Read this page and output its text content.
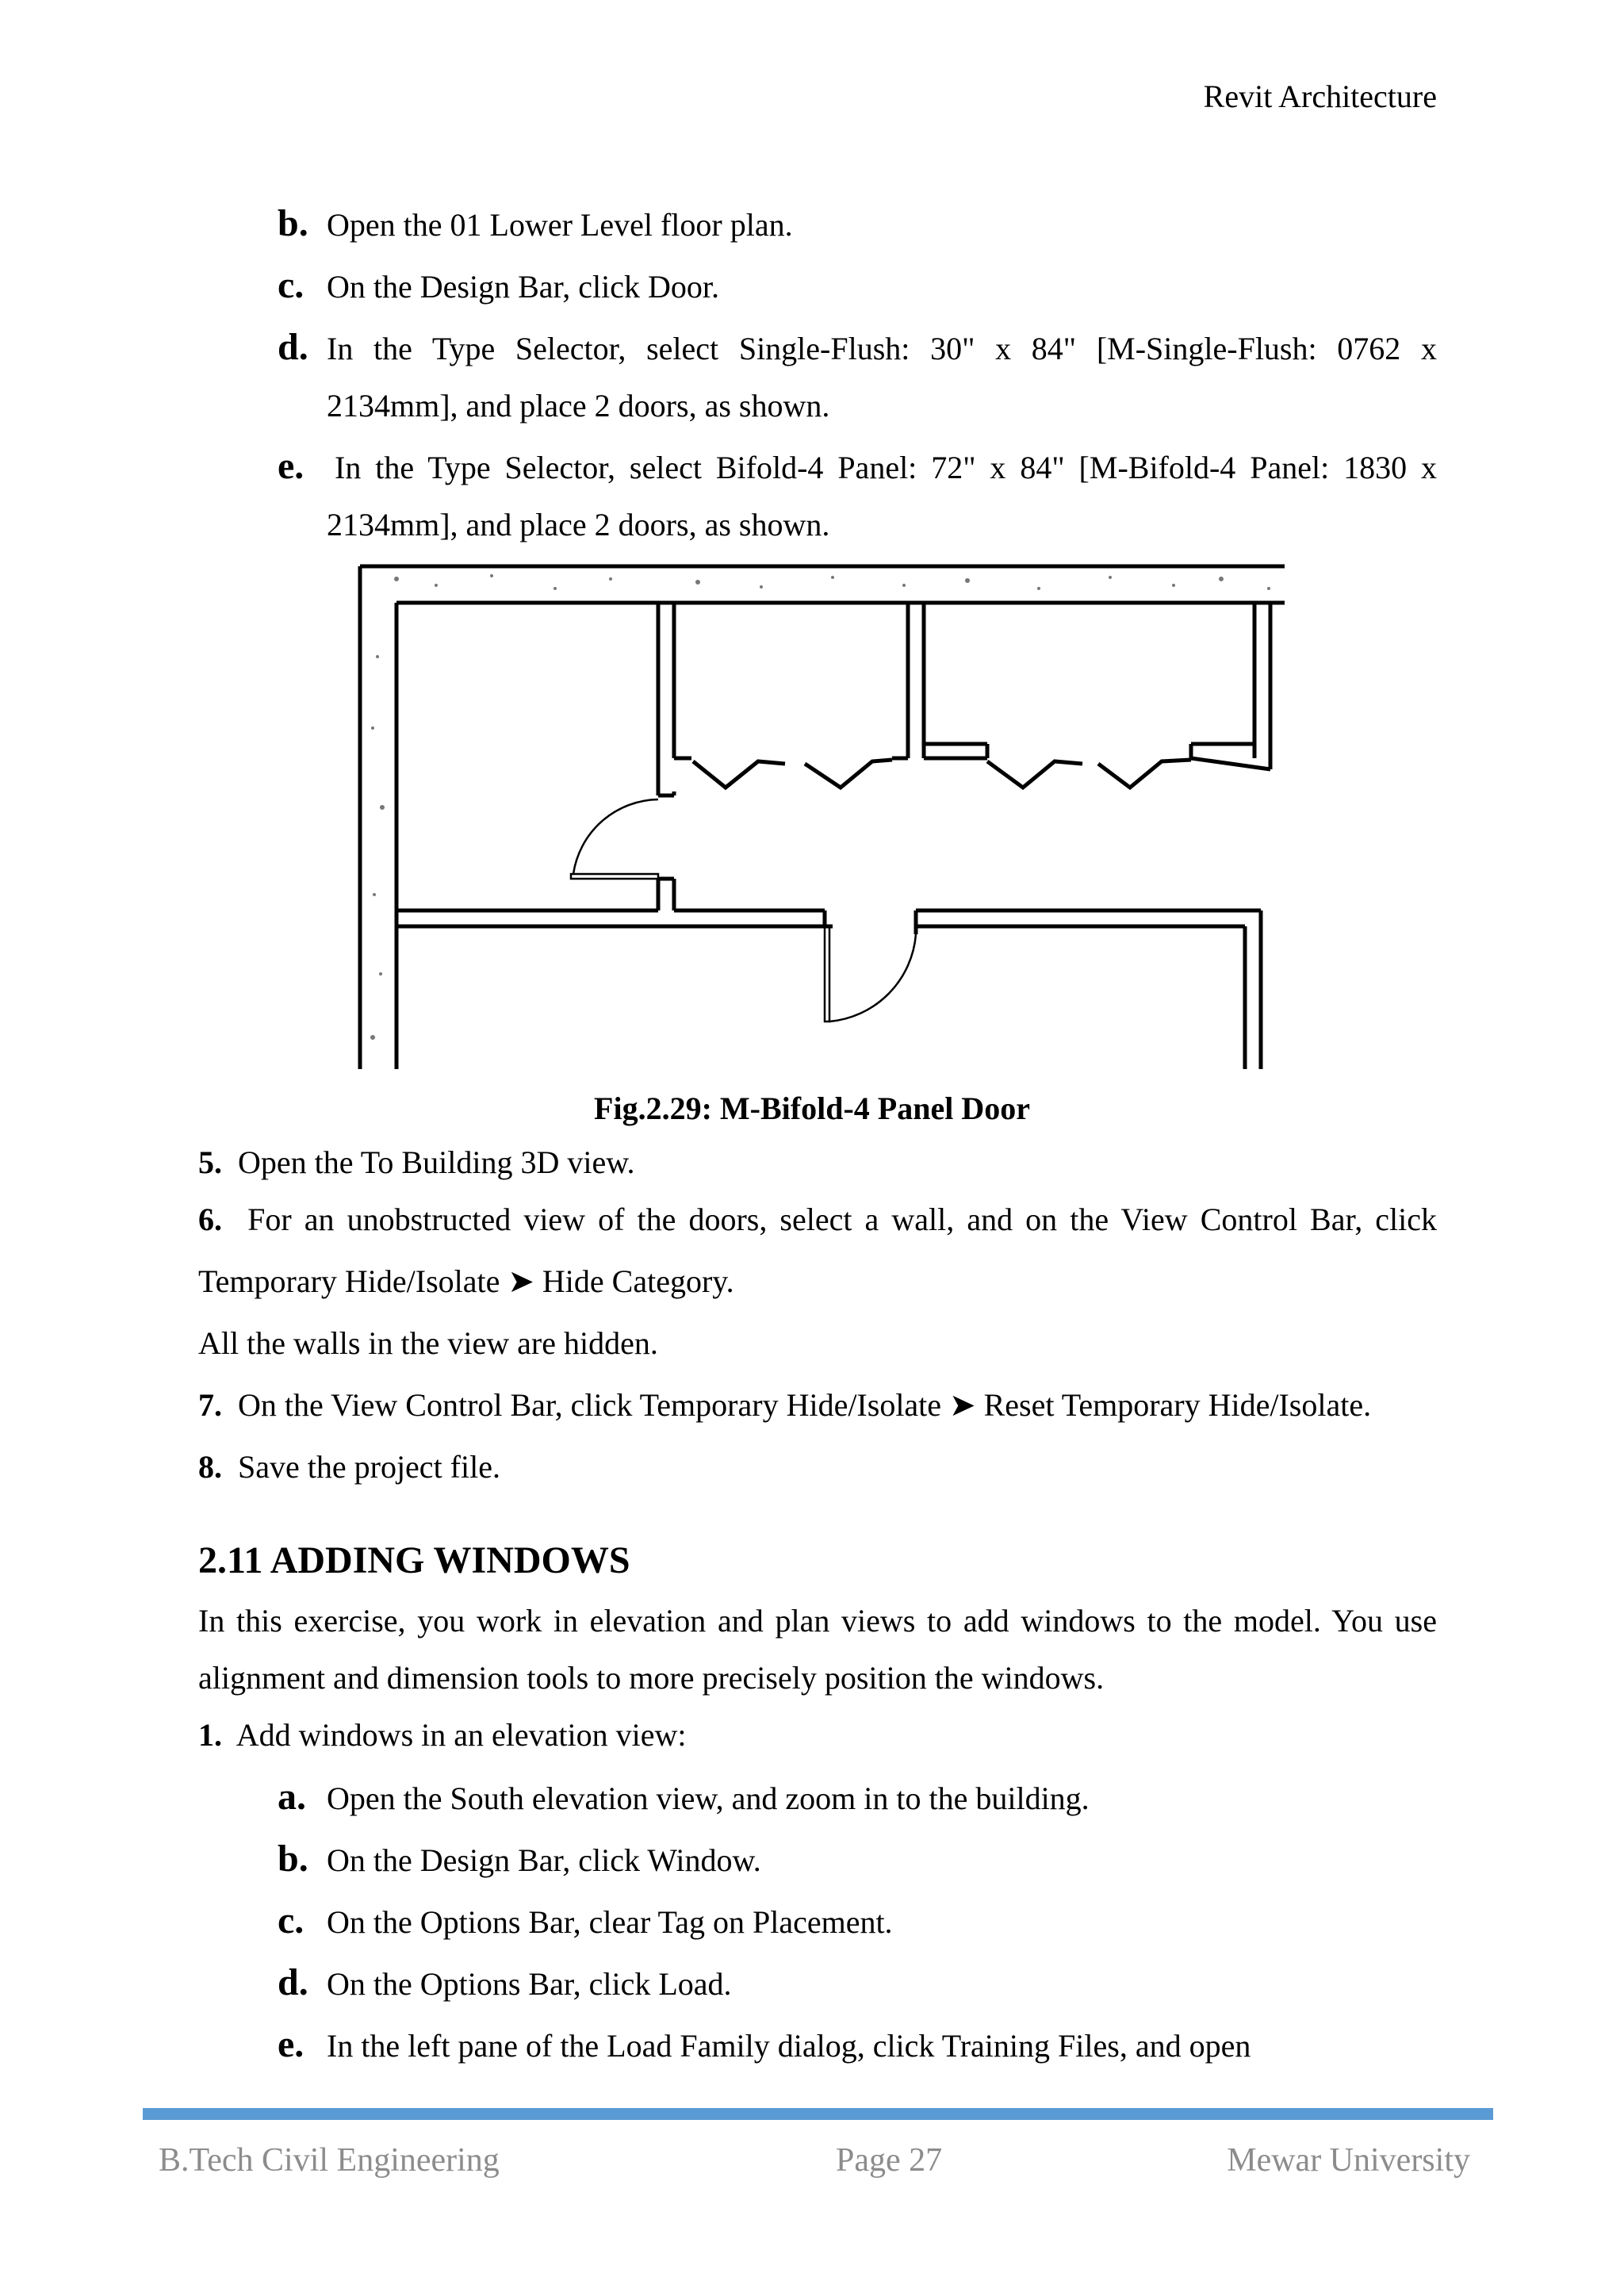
Revit Architecture
b. Open the 01 Lower Level floor plan.
c. On the Design Bar, click Door.
d. In the Type Selector, select Single-Flush: 30" x 84" [M-Single-Flush: 0762 x
2134mm], and place 2 doors, as shown.
e. In the Type Selector, select Bifold-4 Panel: 72" x 84" [M-Bifold-4 Panel: 1830 x
2134mm], and place 2 doors, as shown.
Fig.2.29: M-Bifold-4 Panel Door
5. Open the To Building 3D view.
6. For an unobstructed view of the doors, select a wall, and on the View Control Bar, click
Temporary Hide/Isolate ➤ Hide Category.
All the walls in the view are hidden.
7. On the View Control Bar, click Temporary Hide/Isolate ➤ Reset Temporary Hide/Isolate.
8. Save the project file.
2.11 ADDING WINDOWS
In this exercise, you work in elevation and plan views to add windows to the model. You use
alignment and dimension tools to more precisely position the windows.
1. Add windows in an elevation view:
a. Open the South elevation view, and zoom in to the building.
b. On the Design Bar, click Window.
c. On the Options Bar, clear Tag on Placement.
d. On the Options Bar, click Load.
e. In the left pane of the Load Family dialog, click Training Files, and open
B.Tech Civil Engineering	Page 27	Mewar University
